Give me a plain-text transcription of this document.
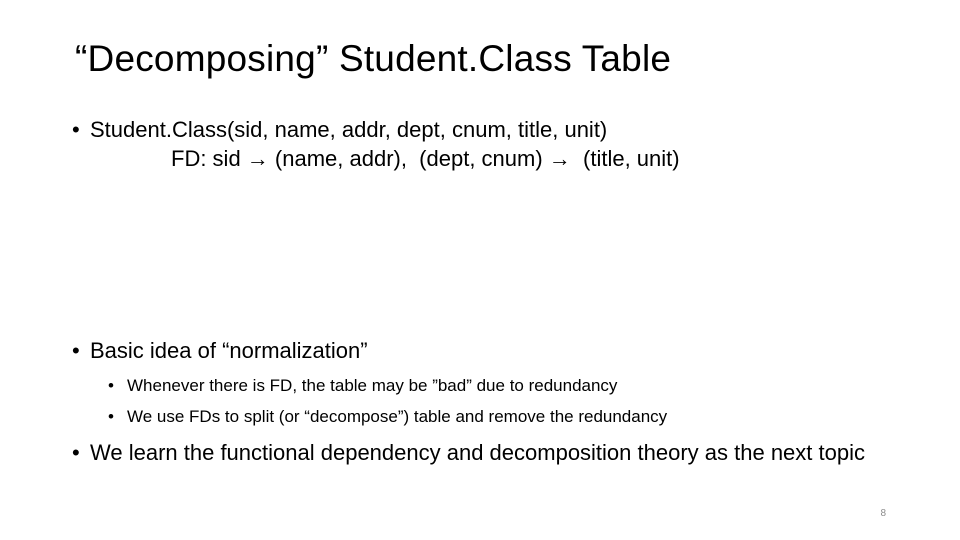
“Decomposing” Student.Class Table
• Student.Class(sid, name, addr, dept, cnum, title, unit)
FD: sid → (name, addr),  (dept, cnum) →  (title, unit)
• Basic idea of “normalization”
• Whenever there is FD, the table may be ”bad” due to redundancy
• We use FDs to split (or “decompose”) table and remove the redundancy
• We learn the functional dependency and decomposition theory as the next topic
8
